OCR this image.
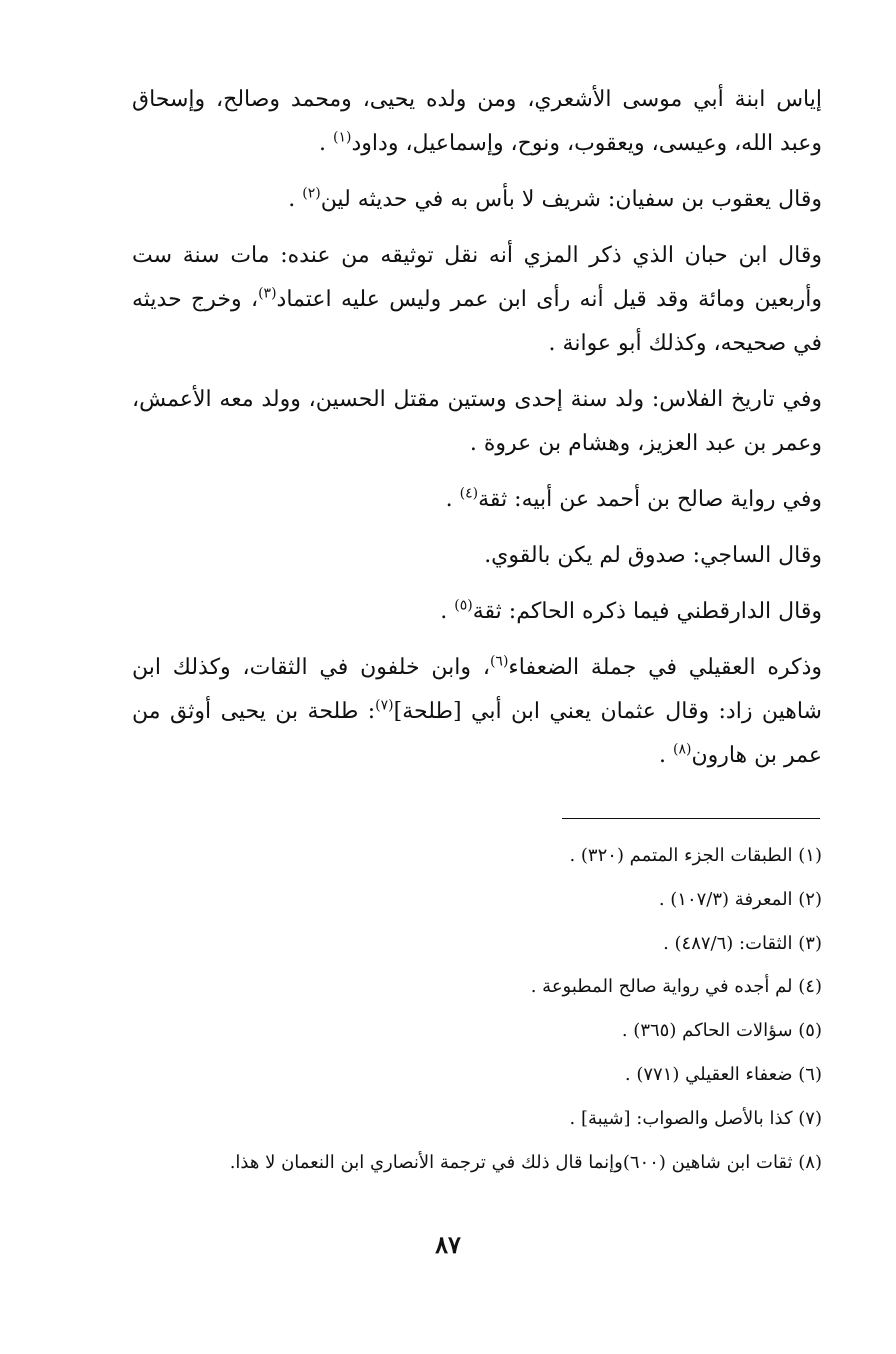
إياس ابنة أبي موسى الأشعري، ومن ولده يحيى، ومحمد وصالح، وإسحاق وعبد الله، وعيسى، ويعقوب، ونوح، وإسماعيل، وداود$^{(١)}$ .

وقال يعقوب بن سفيان: شريف لا بأس به في حديثه لين$^{(٢)}$ .

وقال ابن حبان الذي ذكر المزي أنه نقل توثيقه من عنده: مات سنة ست وأربعين ومائة وقد قيل أنه رأى ابن عمر وليس عليه اعتماد$^{(٣)}$، وخرج حديثه في صحيحه، وكذلك أبو عوانة .

وفي تاريخ الفلاس: ولد سنة إحدى وستين مقتل الحسين، وولد معه الأعمش، وعمر بن عبد العزيز، وهشام بن عروة .

وفي رواية صالح بن أحمد عن أبيه: ثقة$^{(٤)}$ .

وقال الساجي: صدوق لم يكن بالقوي.

وقال الدارقطني فيما ذكره الحاكم: ثقة$^{(٥)}$ .

وذكره العقيلي في جملة الضعفاء$^{(٦)}$، وابن خلفون في الثقات، وكذلك ابن شاهين زاد: وقال عثمان يعني ابن أبي [طلحة]$^{(٧)}$: طلحة بن يحيى أوثق من عمر بن هارون$^{(٨)}$ .

(١) الطبقات الجزء المتمم (٣٢٠) .

(٢) المعرفة (١٠٧/٣) .

(٣) الثقات: (٤٨٧/٦) .

(٤) لم أجده في رواية صالح المطبوعة .

(٥) سؤالات الحاكم (٣٦٥) .

(٦) ضعفاء العقيلي (٧٧١) .

(٧) كذا بالأصل والصواب: [شيبة] .

(٨) ثقات ابن شاهين (٦٠٠)وإنما قال ذلك في ترجمة الأنصاري ابن النعمان لا هذا.

٨٧
